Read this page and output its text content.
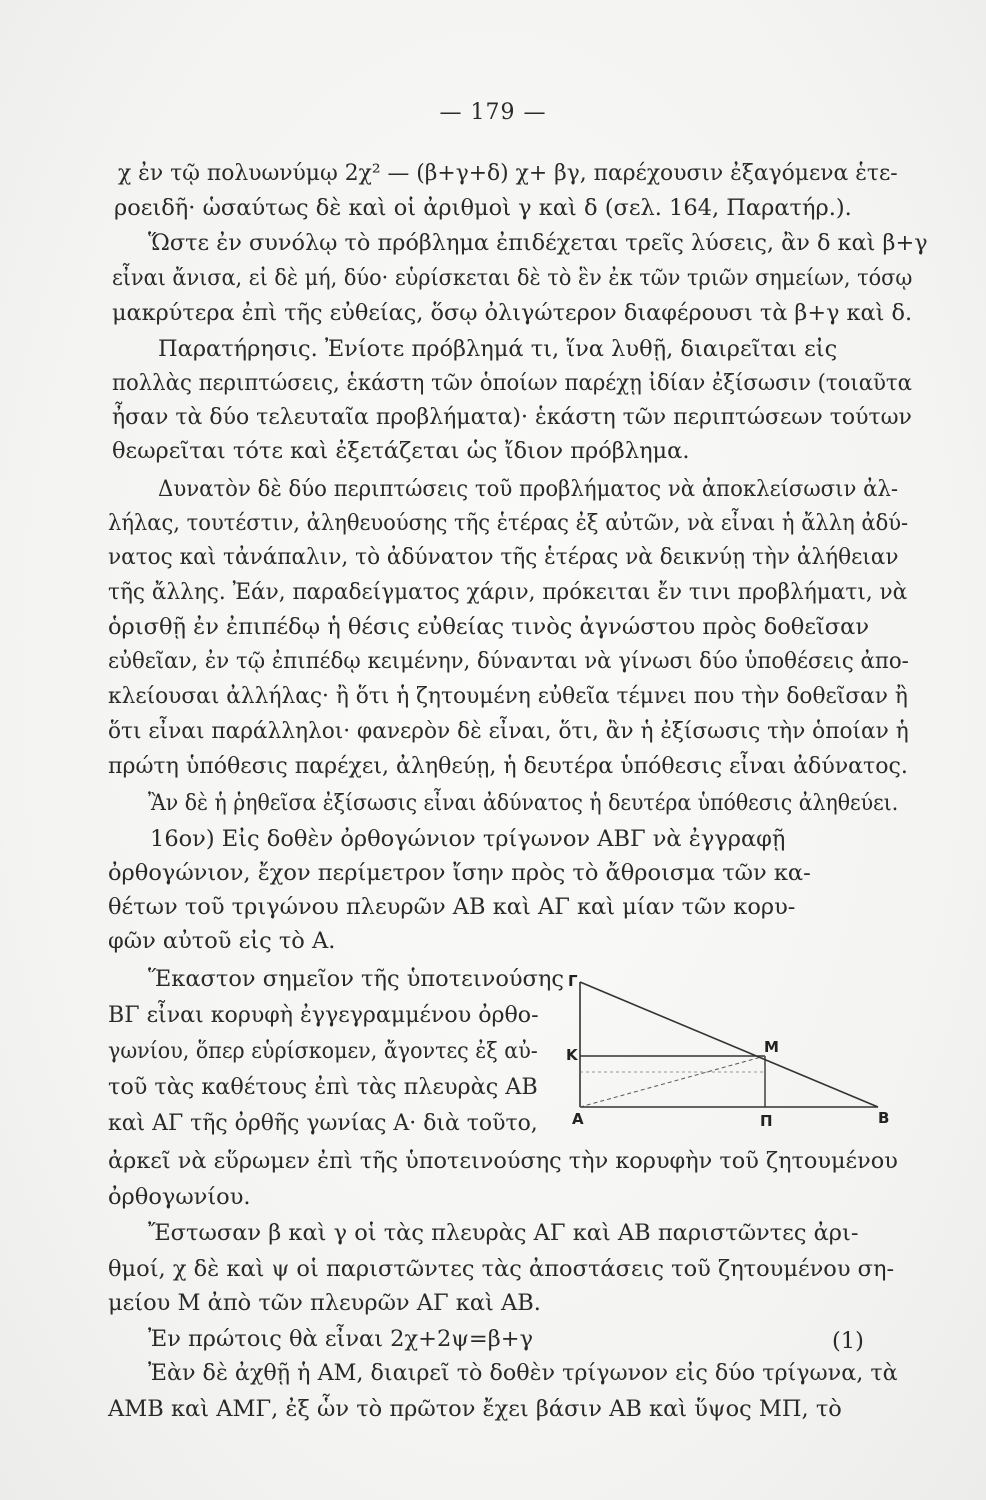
— 179 —
χ ἐν τῷ πολυωνύμῳ 2χ² — (β+γ+δ) χ+ βγ, παρέχουσιν ἐξαγόμενα ἑτε-
ροειδῆ· ὡσαύτως δὲ καὶ οἱ ἀριθμοὶ γ καὶ δ (σελ. 164, Παρατήρ.).
Ὥστε ἐν συνόλῳ τὸ πρόβλημα ἐπιδέχεται τρεῖς λύσεις, ἂν δ καὶ β+γ
εἶναι ἄνισα, εἰ δὲ μή, δύο· εὑρίσκεται δὲ τὸ ἓν ἐκ τῶν τριῶν σημείων, τόσῳ
μακρύτερα ἐπὶ τῆς εὐθείας, ὅσῳ ὀλιγώτερον διαφέρουσι τὰ β+γ καὶ δ.
Παρατήρησις. Ἐνίοτε πρόβλημά τι, ἵνα λυθῇ, διαιρεῖται εἰς
πολλὰς περιπτώσεις, ἑκάστη τῶν ὁποίων παρέχῃ ἰδίαν ἐξίσωσιν (τοιαῦτα
ἦσαν τὰ δύο τελευταῖα προβλήματα)· ἑκάστη τῶν περιπτώσεων τούτων
θεωρεῖται τότε καὶ ἐξετάζεται ὡς ἴδιον πρόβλημα.
Δυνατὸν δὲ δύο περιπτώσεις τοῦ προβλήματος νὰ ἀποκλείσωσιν ἀλ-
λήλας, τουτέστιν, ἀληθευούσης τῆς ἑτέρας ἐξ αὐτῶν, νὰ εἶναι ἡ ἄλλη ἀδύ-
νατος καὶ τἀνάπαλιν, τὸ ἀδύνατον τῆς ἑτέρας νὰ δεικνύῃ τὴν ἀλήθειαν
τῆς ἄλλης. Ἐάν, παραδείγματος χάριν, πρόκειται ἔν τινι προβλήματι, νὰ
ὁρισθῇ ἐν ἐπιπέδῳ ἡ θέσις εὐθείας τινὸς ἀγνώστου πρὸς δοθεῖσαν
εὐθεῖαν, ἐν τῷ ἐπιπέδῳ κειμένην, δύνανται νὰ γίνωσι δύο ὑποθέσεις ἀπο-
κλείουσαι ἀλλήλας· ἢ ὅτι ἡ ζητουμένη εὐθεῖα τέμνει που τὴν δοθεῖσαν ἢ
ὅτι εἶναι παράλληλοι· φανερὸν δὲ εἶναι, ὅτι, ἂν ἡ ἐξίσωσις τὴν ὁποίαν ἡ
πρώτη ὑπόθεσις παρέχει, ἀληθεύῃ, ἡ δευτέρα ὑπόθεσις εἶναι ἀδύνατος.
Ἂν δὲ ἡ ῥηθεῖσα ἐξίσωσις εἶναι ἀδύνατος ἡ δευτέρα ὑπόθεσις ἀληθεύει.
16ον) Εἰς δοθὲν ὀρθογώνιον τρίγωνον ΑΒΓ νὰ ἐγγραφῇ
ὀρθογώνιον, ἔχον περίμετρον ἴσην πρὸς τὸ ἄθροισμα τῶν κα-
θέτων τοῦ τριγώνου πλευρῶν ΑΒ καὶ ΑΓ καὶ μίαν τῶν κορυ-
φῶν αὐτοῦ εἰς τὸ Α.
Ἕκαστον σημεῖον τῆς ὑποτεινούσης
ΒΓ εἶναι κορυφὴ ἐγγεγραμμένου ὀρθο-
γωνίου, ὅπερ εὑρίσκομεν, ἄγοντες ἐξ αὐ-
τοῦ τὰς καθέτους ἐπὶ τὰς πλευρὰς ΑΒ
καὶ ΑΓ τῆς ὀρθῆς γωνίας Α· διὰ τοῦτο,
ἀρκεῖ νὰ εὕρωμεν ἐπὶ τῆς ὑποτεινούσης τὴν κορυφὴν τοῦ ζητουμένου
ὀρθογωνίου.
Ἔστωσαν β καὶ γ οἱ τὰς πλευρὰς ΑΓ καὶ ΑΒ παριστῶντες ἀρι-
θμοί, χ δὲ καὶ ψ οἱ παριστῶντες τὰς ἀποστάσεις τοῦ ζητουμένου ση-
μείου Μ ἀπὸ τῶν πλευρῶν ΑΓ καὶ ΑΒ.
Ἐν πρώτοις θὰ εἶναι 2χ+2ψ=β+γ
Ἐὰν δὲ ἀχθῇ ἡ ΑΜ, διαιρεῖ τὸ δοθὲν τρίγωνον εἰς δύο τρίγωνα, τὰ
ΑΜΒ καὶ ΑΜΓ, ἐξ ὧν τὸ πρῶτον ἔχει βάσιν ΑΒ καὶ ὕψος ΜΠ, τὸ
(1)
Γ
Κ	Μ
Α	Π	Β
